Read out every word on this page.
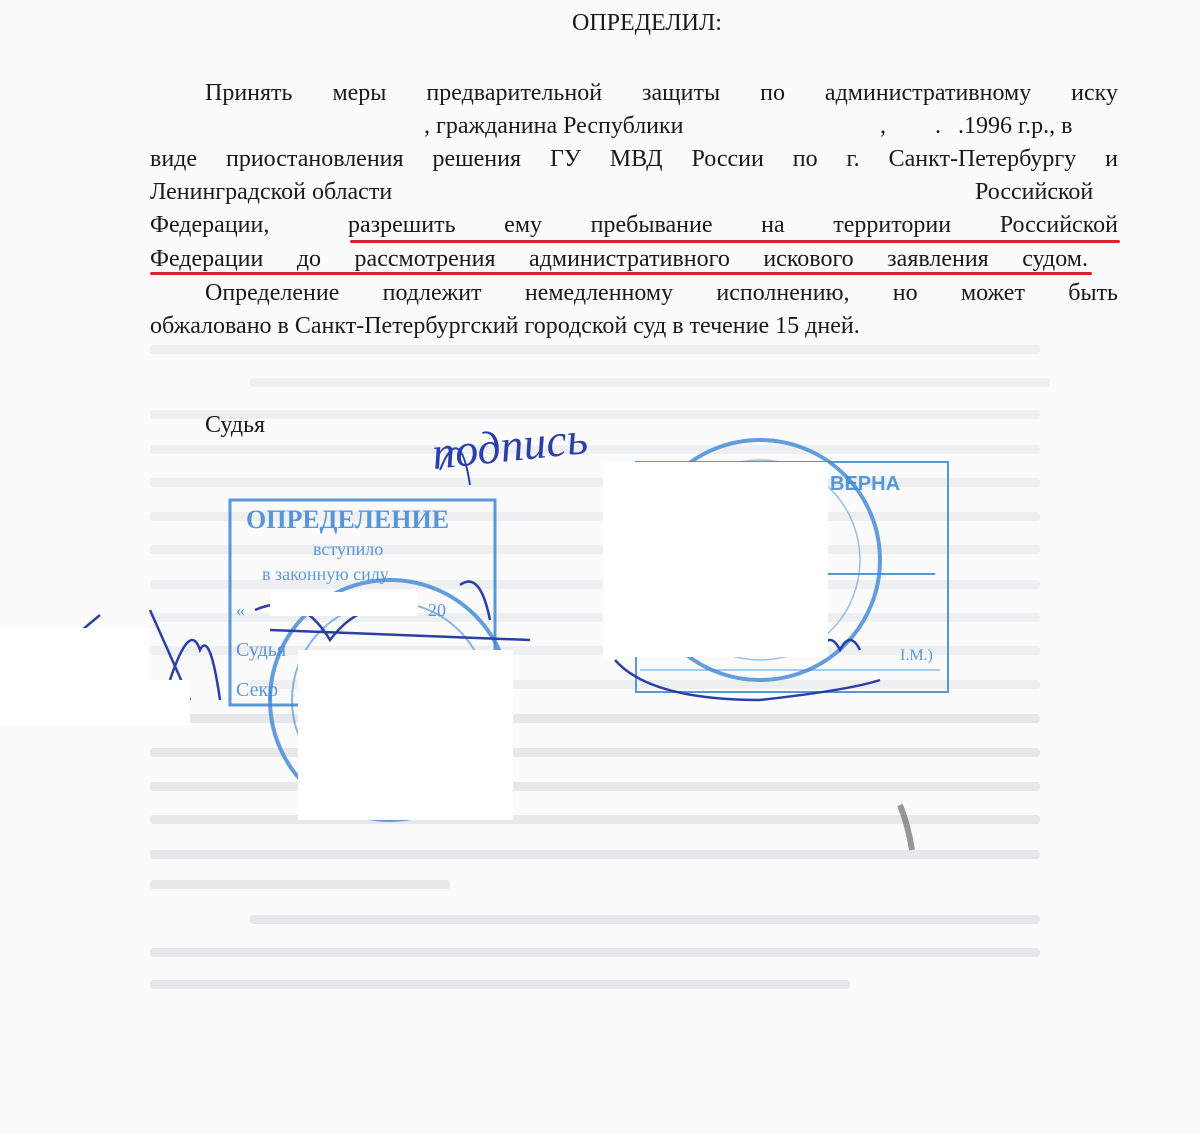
ОПРЕДЕЛИЛ:
Принять меры предварительной защиты по административному иску
, гражданина Республики	, . .1996 г.р., в
виде приостановления решения ГУ МВД России по г. Санкт-Петербургу и
Ленинградской области	Российской
Федерации,	разрешить ему пребывание на территории Российской
Федерации до рассмотрения административного искового заявления судом.
Определение подлежит немедленному исполнению, но может быть
обжаловано в Санкт-Петербургский городской суд в течение 15 дней.
Судья	подпись
ОПРЕДЕЛЕНИЕ
вступило
в законную силу
«	20
Судья
Секр
ВЕРНА
I.M.)
